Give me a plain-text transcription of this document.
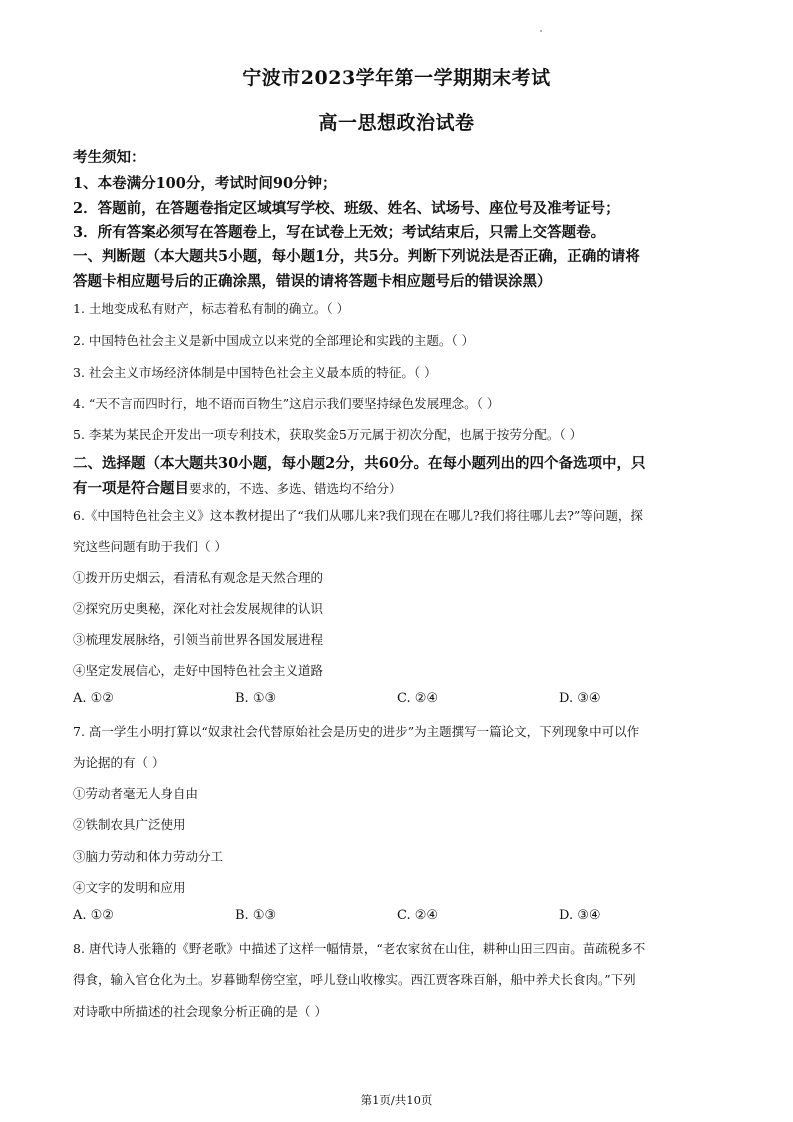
宁波市2023学年第一学期期末考试
高一思想政治试卷
考生须知：
1、本卷满分100分，考试时间90分钟；
2．答题前，在答题卷指定区域填写学校、班级、姓名、试场号、座位号及准考证号；
3．所有答案必须写在答题卷上，写在试卷上无效；考试结束后，只需上交答题卷。
一、判断题（本大题共5小题，每小题1分，共5分。判断下列说法是否正确，正确的请将
答题卡相应题号后的正确涂黑，错误的请将答题卡相应题号后的错误涂黑）
1. 土地变成私有财产，标志着私有制的确立。（ ）
2. 中国特色社会主义是新中国成立以来党的全部理论和实践的主题。（ ）
3. 社会主义市场经济体制是中国特色社会主义最本质的特征。（ ）
4. “天不言而四时行，地不语而百物生”这启示我们要坚持绿色发展理念。（ ）
5. 李某为某民企开发出一项专利技术，获取奖金5万元属于初次分配，也属于按劳分配。（ ）
二、选择题（本大题共30小题，每小题2分，共60分。在每小题列出的四个备选项中，只
有一项是符合题目要求的，不选、多选、错选均不给分）
6.《中国特色社会主义》这本教材提出了“我们从哪儿来?我们现在在哪儿?我们将往哪儿去?”等问题，探
究这些问题有助于我们（ ）
①拨开历史烟云，看清私有观念是天然合理的
②探究历史奥秘，深化对社会发展规律的认识
③梳理发展脉络，引领当前世界各国发展进程
④坚定发展信心，走好中国特色社会主义道路
A. ①②	B. ①③	C. ②④	D. ③④
7. 高一学生小明打算以“奴隶社会代替原始社会是历史的进步”为主题撰写一篇论文，下列现象中可以作
为论据的有（ ）
①劳动者毫无人身自由
②铁制农具广泛使用
③脑力劳动和体力劳动分工
④文字的发明和应用
A. ①②	B. ①③	C. ②④	D. ③④
8. 唐代诗人张籍的《野老歌》中描述了这样一幅情景，“老农家贫在山住，耕种山田三四亩。苗疏税多不
得食，输入官仓化为土。岁暮锄犁傍空室，呼儿登山收橡实。西江贾客珠百斛，船中养犬长食肉。”下列
对诗歌中所描述的社会现象分析正确的是（ ）
第1页/共10页
